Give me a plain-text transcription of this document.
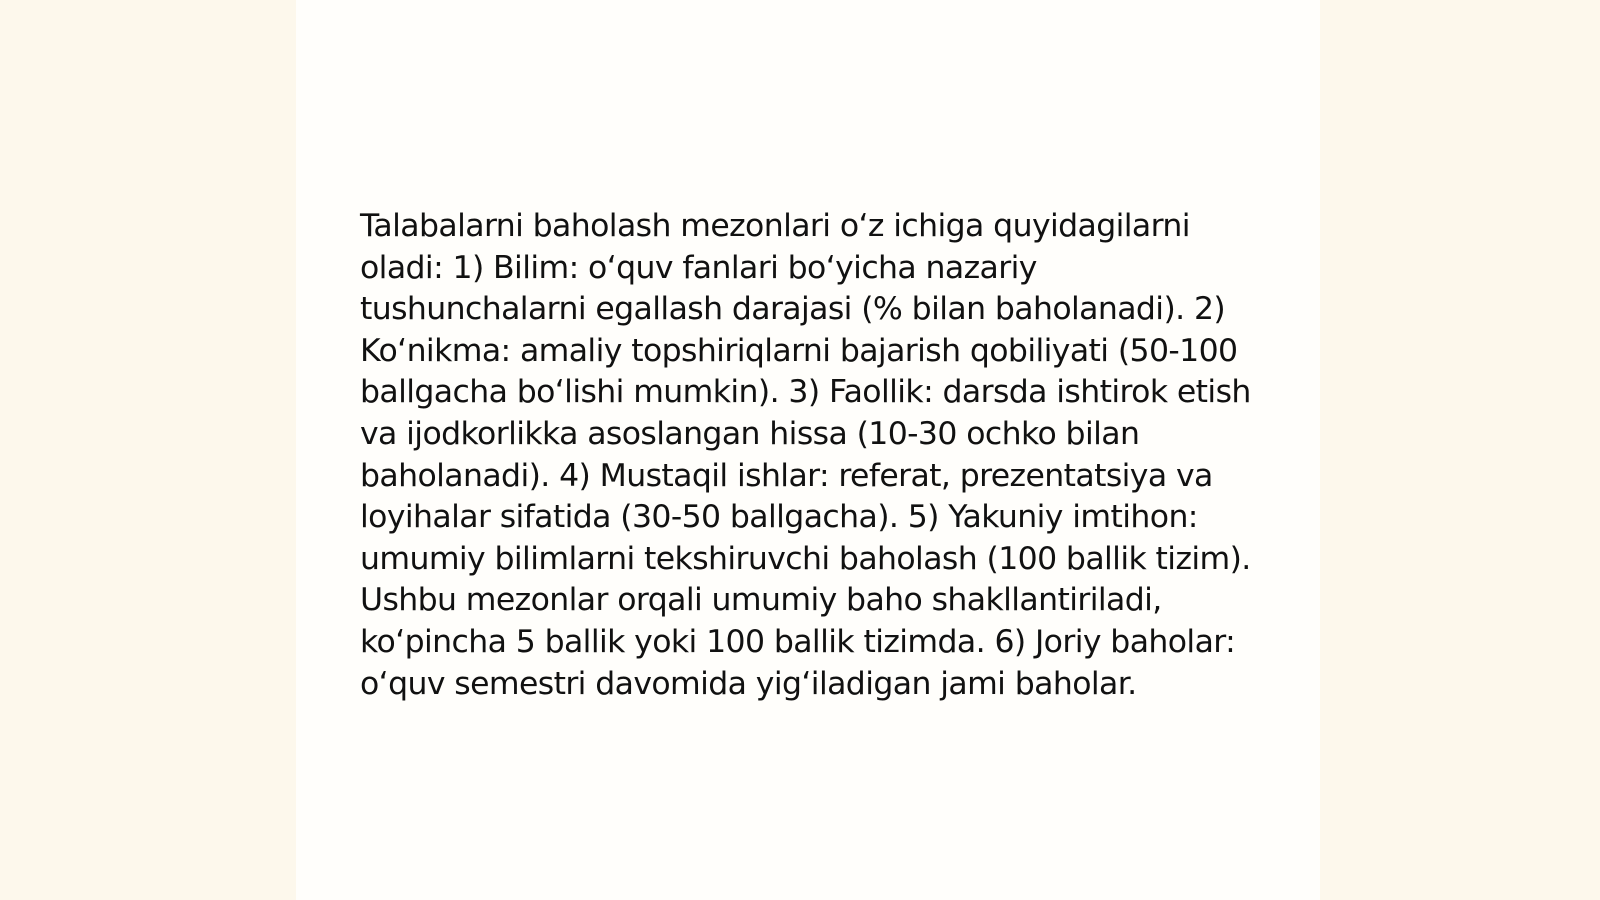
Talabalarni baholash mezonlari oʻz ichiga quyidagilarni oladi: 1) Bilim: oʻquv fanlari boʻyicha nazariy tushunchalarni egallash darajasi (% bilan baholanadi). 2) Koʻnikma: amaliy topshiriqlarni bajarish qobiliyati (50-100 ballgacha boʻlishi mumkin). 3) Faollik: darsda ishtirok etish va ijodkorlikka asoslangan hissa (10-30 ochko bilan baholanadi). 4) Mustaqil ishlar: referat, prezentatsiya va loyihalar sifatida (30-50 ballgacha). 5) Yakuniy imtihon: umumiy bilimlarni tekshiruvchi baholash (100 ballik tizim). Ushbu mezonlar orqali umumiy baho shakllantiriladi, koʻpincha 5 ballik yoki 100 ballik tizimda. 6) Joriy baholar: oʻquv semestri davomida yigʻiladigan jami baholar.
